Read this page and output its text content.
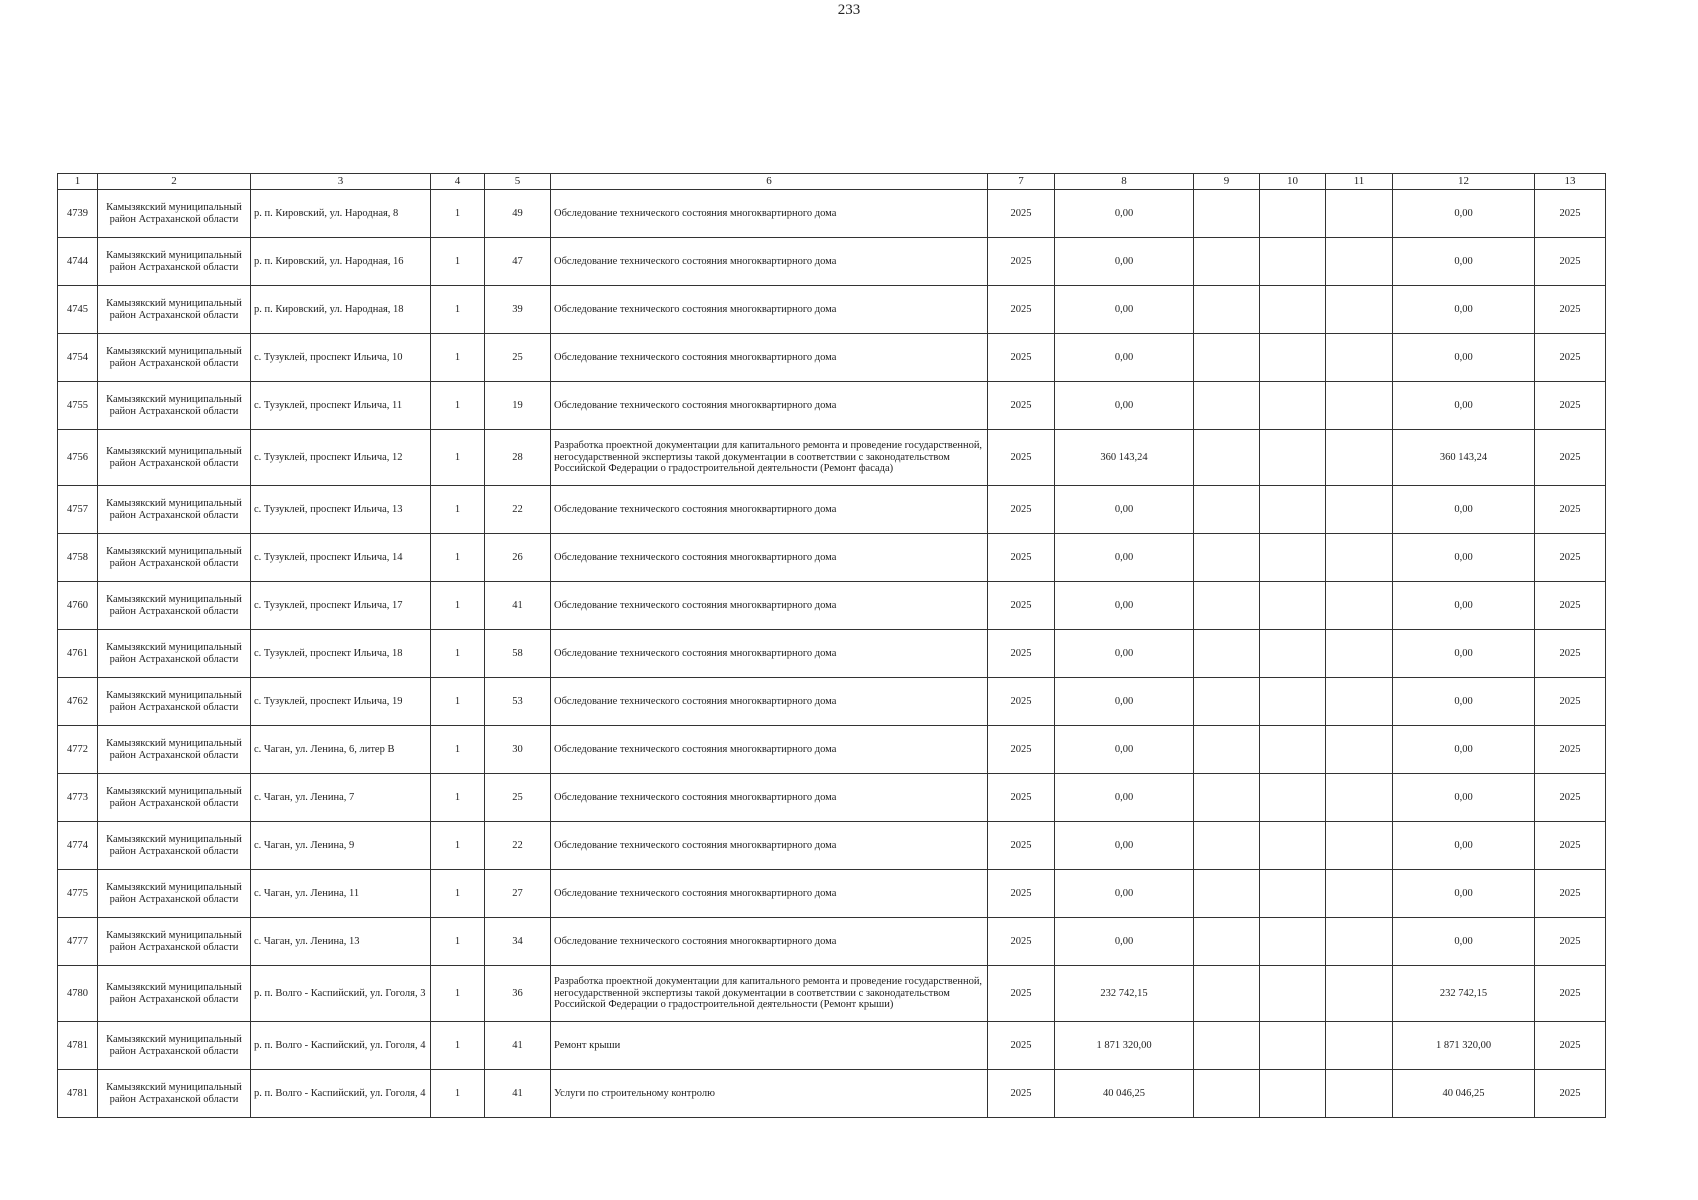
233
1	2	3	4	5	6	7	8	9	10	11	12	13
4739	Камызякский муниципальный район Астраханской области	р. п. Кировский, ул. Народная, 8	1	49	Обследование технического состояния многоквартирного дома	2025	0,00				0,00	2025
4744	Камызякский муниципальный район Астраханской области	р. п. Кировский, ул. Народная, 16	1	47	Обследование технического состояния многоквартирного дома	2025	0,00				0,00	2025
4745	Камызякский муниципальный район Астраханской области	р. п. Кировский, ул. Народная, 18	1	39	Обследование технического состояния многоквартирного дома	2025	0,00				0,00	2025
4754	Камызякский муниципальный район Астраханской области	с. Тузуклей, проспект Ильича, 10	1	25	Обследование технического состояния многоквартирного дома	2025	0,00				0,00	2025
4755	Камызякский муниципальный район Астраханской области	с. Тузуклей, проспект Ильича, 11	1	19	Обследование технического состояния многоквартирного дома	2025	0,00				0,00	2025
4756	Камызякский муниципальный район Астраханской области	с. Тузуклей, проспект Ильича, 12	1	28	Разработка проектной документации для капитального ремонта и проведение государственной, негосударственной экспертизы такой документации в соответствии с законодательством Российской Федерации о градостроительной деятельности (Ремонт фасада)	2025	360 143,24				360 143,24	2025
4757	Камызякский муниципальный район Астраханской области	с. Тузуклей, проспект Ильича, 13	1	22	Обследование технического состояния многоквартирного дома	2025	0,00				0,00	2025
4758	Камызякский муниципальный район Астраханской области	с. Тузуклей, проспект Ильича, 14	1	26	Обследование технического состояния многоквартирного дома	2025	0,00				0,00	2025
4760	Камызякский муниципальный район Астраханской области	с. Тузуклей, проспект Ильича, 17	1	41	Обследование технического состояния многоквартирного дома	2025	0,00				0,00	2025
4761	Камызякский муниципальный район Астраханской области	с. Тузуклей, проспект Ильича, 18	1	58	Обследование технического состояния многоквартирного дома	2025	0,00				0,00	2025
4762	Камызякский муниципальный район Астраханской области	с. Тузуклей, проспект Ильича, 19	1	53	Обследование технического состояния многоквартирного дома	2025	0,00				0,00	2025
4772	Камызякский муниципальный район Астраханской области	с. Чаган, ул. Ленина, 6, литер В	1	30	Обследование технического состояния многоквартирного дома	2025	0,00				0,00	2025
4773	Камызякский муниципальный район Астраханской области	с. Чаган, ул. Ленина, 7	1	25	Обследование технического состояния многоквартирного дома	2025	0,00				0,00	2025
4774	Камызякский муниципальный район Астраханской области	с. Чаган, ул. Ленина, 9	1	22	Обследование технического состояния многоквартирного дома	2025	0,00				0,00	2025
4775	Камызякский муниципальный район Астраханской области	с. Чаган, ул. Ленина, 11	1	27	Обследование технического состояния многоквартирного дома	2025	0,00				0,00	2025
4777	Камызякский муниципальный район Астраханской области	с. Чаган, ул. Ленина, 13	1	34	Обследование технического состояния многоквартирного дома	2025	0,00				0,00	2025
4780	Камызякский муниципальный район Астраханской области	р. п. Волго - Каспийский, ул. Гоголя, 3	1	36	Разработка проектной документации для капитального ремонта и проведение государственной, негосударственной экспертизы такой документации в соответствии с законодательством Российской Федерации о градостроительной деятельности (Ремонт крыши)	2025	232 742,15				232 742,15	2025
4781	Камызякский муниципальный район Астраханской области	р. п. Волго - Каспийский, ул. Гоголя, 4	1	41	Ремонт крыши	2025	1 871 320,00				1 871 320,00	2025
4781	Камызякский муниципальный район Астраханской области	р. п. Волго - Каспийский, ул. Гоголя, 4	1	41	Услуги по строительному контролю	2025	40 046,25				40 046,25	2025
